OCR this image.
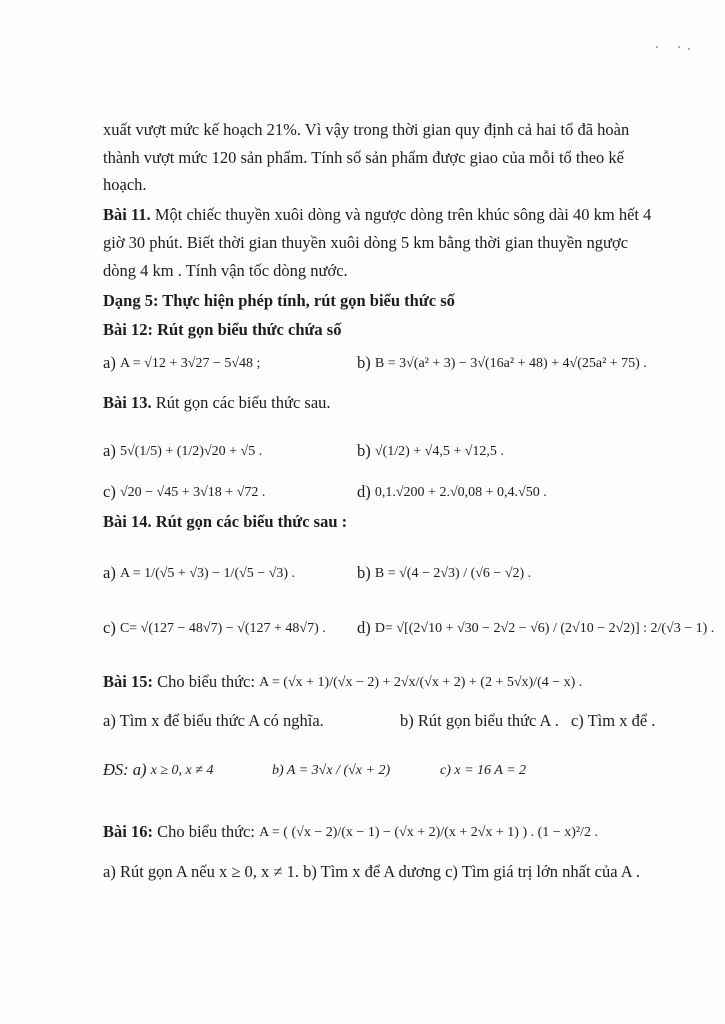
xuất vượt mức kế hoạch 21%. Vì vậy trong thời gian quy định cả hai tổ đã hoàn
thành vượt mức 120 sản phẩm. Tính số sản phẩm được giao của mỗi tổ theo kế
hoạch.
Bài 11. Một chiếc thuyền xuôi dòng và ngược dòng trên khúc sông dài 40 km hết 4
giờ 30 phút. Biết thời gian thuyền xuôi dòng 5 km bằng thời gian thuyền ngược
dòng 4 km . Tính vận tốc dòng nước.
Dạng 5: Thực hiện phép tính, rút gọn biểu thức số
Bài 12: Rút gọn biểu thức chứa số
a) A = √12 + 3√27 − 5√48 ;	b) B = 3√(a² + 3) − 3√(16a² + 48) + 4√(25a² + 75) .
Bài 13. Rút gọn các biểu thức sau.
a) 5√(1/5) + (1/2)√20 + √5 .	b) √(1/2) + √4,5 + √12,5 .
c) √20 − √45 + 3√18 + √72 .	d) 0,1.√200 + 2.√0,08 + 0,4.√50 .
Bài 14. Rút gọn các biểu thức sau :
a) A = 1/(√5 + √3) − 1/(√5 − √3) .	b) B = √(4 − 2√3) / (√6 − √2) .
c) C= √(127 − 48√7) − √(127 + 48√7) . d) D= √[(2√10 + √30 − 2√2 − √6) / (2√10 − 2√2)] : 2/(√3 − 1) .
Bài 15: Cho biểu thức: A = (√x + 1)/(√x − 2) + 2√x/(√x + 2) + (2 + 5√x)/(4 − x) .
a) Tìm x để biểu thức A có nghĩa.	b) Rút gọn biểu thức A . c) Tìm x để .
ĐS: a) x ≥ 0, x ≠ 4	b) A = 3√x / (√x + 2)	c) x = 16 A = 2
Bài 16: Cho biểu thức: A = ( (√x − 2)/(x − 1) − (√x + 2)/(x + 2√x + 1) ) . (1 − x)²/2 .
a) Rút gọn A nếu x ≥ 0, x ≠ 1. b) Tìm x để A dương c) Tìm giá trị lớn nhất của A .
